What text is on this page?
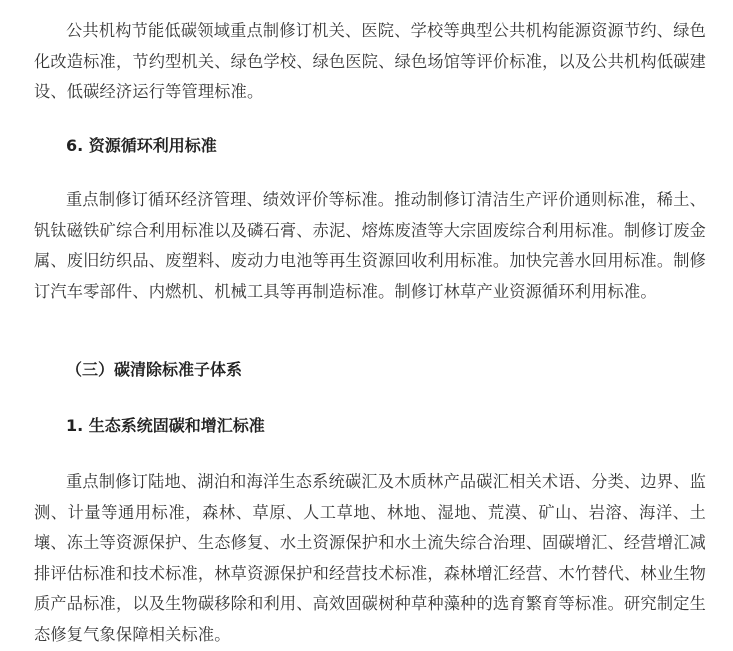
公共机构节能低碳领域重点制修订机关、医院、学校等典型公共机构能源资源节约、绿色化改造标准，节约型机关、绿色学校、绿色医院、绿色场馆等评价标准，以及公共机构低碳建设、低碳经济运行等管理标准。

6. 资源循环利用标准

重点制修订循环经济管理、绩效评价等标准。推动制修订清洁生产评价通则标准，稀土、钒钛磁铁矿综合利用标准以及磷石膏、赤泥、熔炼废渣等大宗固废综合利用标准。制修订废金属、废旧纺织品、废塑料、废动力电池等再生资源回收利用标准。加快完善水回用标准。制修订汽车零部件、内燃机、机械工具等再制造标准。制修订林草产业资源循环利用标准。

（三）碳清除标准子体系

1. 生态系统固碳和增汇标准

重点制修订陆地、湖泊和海洋生态系统碳汇及木质林产品碳汇相关术语、分类、边界、监测、计量等通用标准，森林、草原、人工草地、林地、湿地、荒漠、矿山、岩溶、海洋、土壤、冻土等资源保护、生态修复、水土资源保护和水土流失综合治理、固碳增汇、经营增汇减排评估标准和技术标准，林草资源保护和经营技术标准，森林增汇经营、木竹替代、林业生物质产品标准，以及生物碳移除和利用、高效固碳树种草种藻种的选育繁育等标准。研究制定生态修复气象保障相关标准。
